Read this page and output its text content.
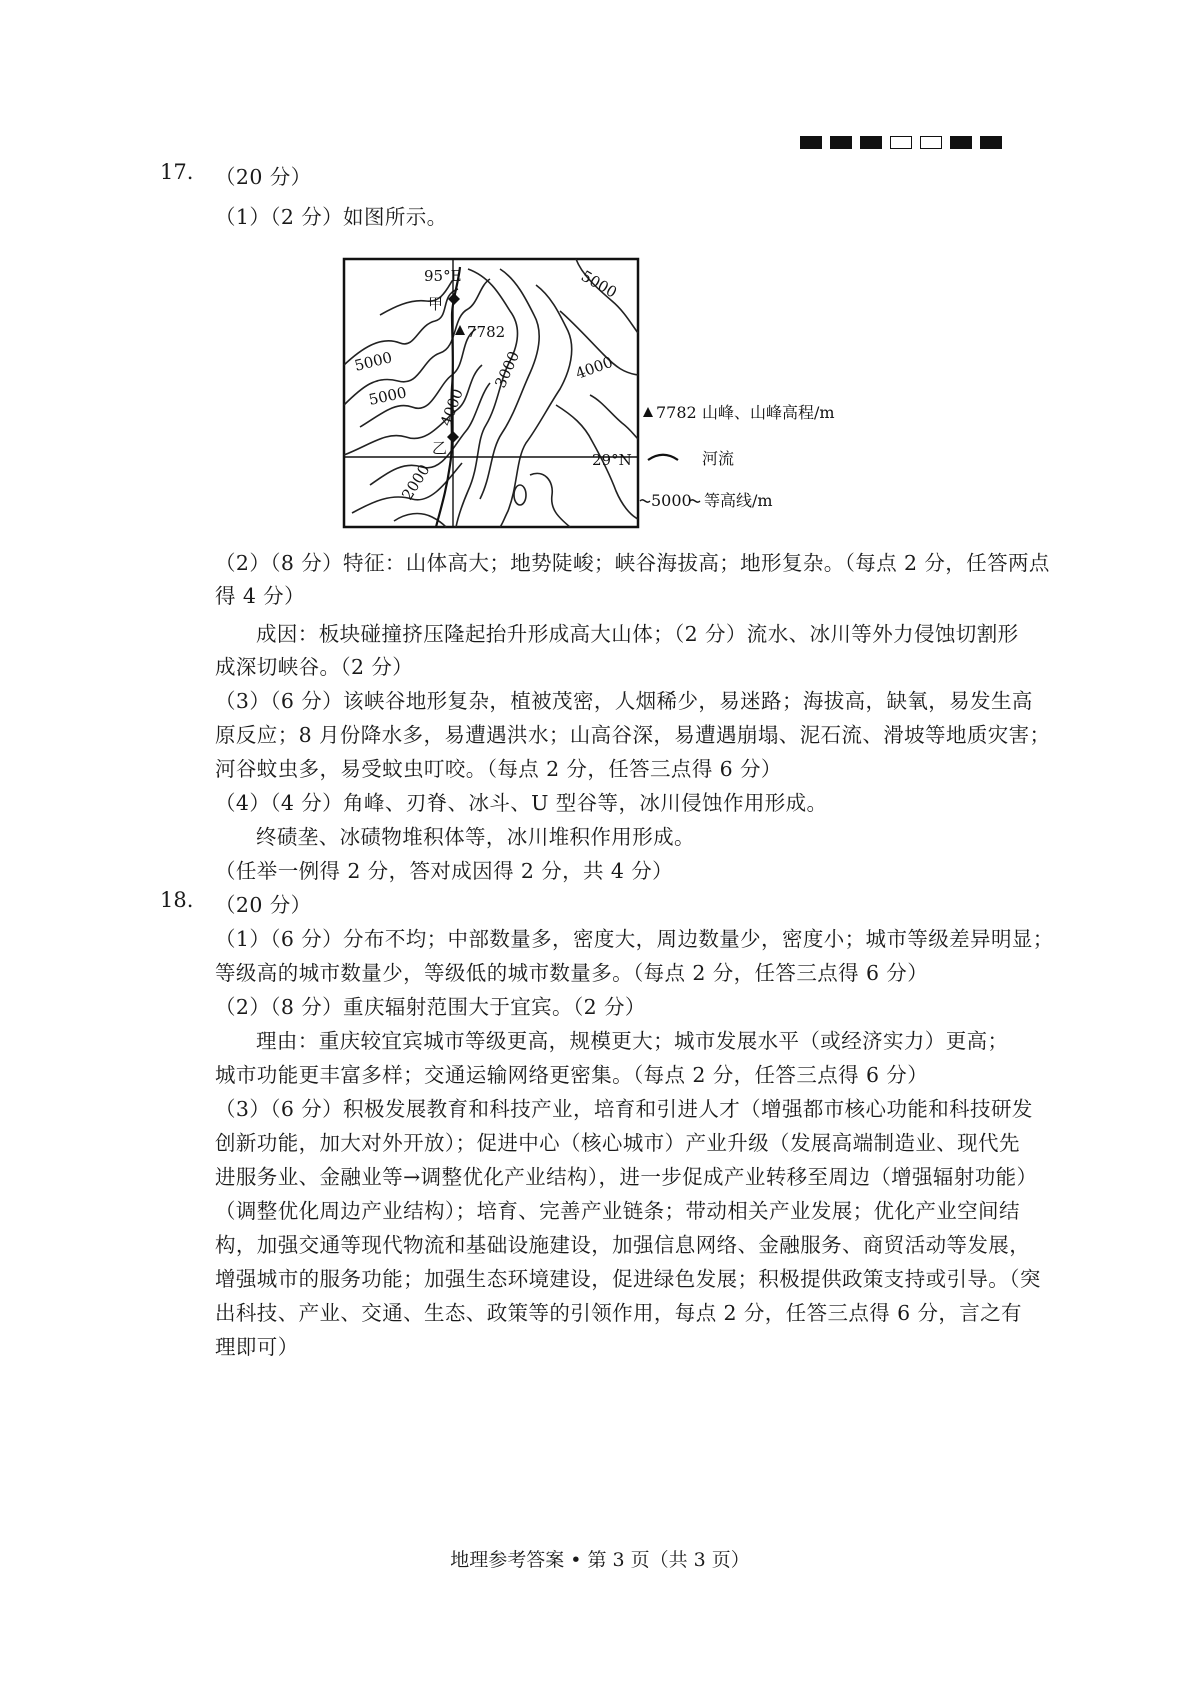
17. （20 分）
（1）（2 分）如图所示。
95°E
甲
7782
乙
29°N
5000
5000
5000
4000
4000
3000
2000
7782 山峰、山峰高程/m
河流
5000 等高线/m
（2）（8 分）特征：山体高大；地势陡峻；峡谷海拔高；地形复杂。（每点 2 分，任答两点
得 4 分）
成因：板块碰撞挤压隆起抬升形成高大山体；（2 分）流水、冰川等外力侵蚀切割形
成深切峡谷。（2 分）
（3）（6 分）该峡谷地形复杂，植被茂密，人烟稀少，易迷路；海拔高，缺氧，易发生高
原反应；8 月份降水多，易遭遇洪水；山高谷深，易遭遇崩塌、泥石流、滑坡等地质灾害；
河谷蚊虫多，易受蚊虫叮咬。（每点 2 分，任答三点得 6 分）
（4）（4 分）角峰、刃脊、冰斗、U 型谷等，冰川侵蚀作用形成。
终碛垄、冰碛物堆积体等，冰川堆积作用形成。
（任举一例得 2 分，答对成因得 2 分，共 4 分）
18. （20 分）
（1）（6 分）分布不均；中部数量多，密度大，周边数量少，密度小；城市等级差异明显；
等级高的城市数量少，等级低的城市数量多。（每点 2 分，任答三点得 6 分）
（2）（8 分）重庆辐射范围大于宜宾。（2 分）
理由：重庆较宜宾城市等级更高，规模更大；城市发展水平（或经济实力）更高；
城市功能更丰富多样；交通运输网络更密集。（每点 2 分，任答三点得 6 分）
（3）（6 分）积极发展教育和科技产业，培育和引进人才（增强都市核心功能和科技研发
创新功能，加大对外开放）；促进中心（核心城市）产业升级（发展高端制造业、现代先
进服务业、金融业等→调整优化产业结构），进一步促成产业转移至周边（增强辐射功能）
（调整优化周边产业结构）；培育、完善产业链条；带动相关产业发展；优化产业空间结
构，加强交通等现代物流和基础设施建设，加强信息网络、金融服务、商贸活动等发展，
增强城市的服务功能；加强生态环境建设，促进绿色发展；积极提供政策支持或引导。（突
出科技、产业、交通、生态、政策等的引领作用，每点 2 分，任答三点得 6 分，言之有
理即可）
地理参考答案 • 第 3 页（共 3 页）
